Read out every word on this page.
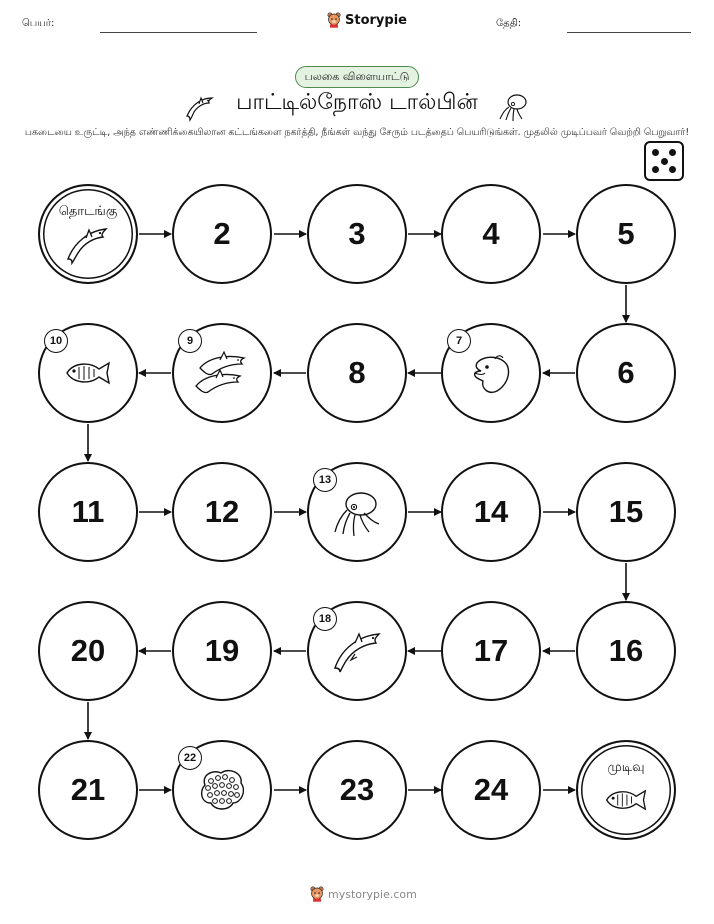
பெயர்:	Storypie	தேதி:
பலகை விளையாட்டு
பாட்டில்நோஸ் டால்பின்
பகடையை உருட்டி, அந்த எண்ணிக்கையிலான கட்டங்களை நகர்த்தி, நீங்கள் வந்து சேரும் படத்தைப் பெயரிடுங்கள். முதலில் முடிப்பவர் வெற்றி பெறுவார்!
தொடங்கு
2	3	4	5
10	9
8
7
6
11	12
13
14	15
20	19
18
17	16
21
22
23	24
முடிவு
mystorypie.com
